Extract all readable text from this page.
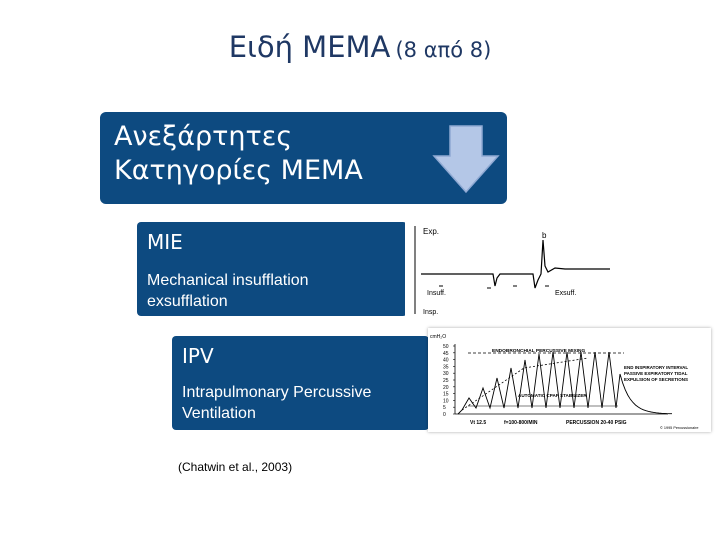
Ειδή ΜΕΜΑ (8 από 8)
Ανεξάρτητες
Κατηγορίες ΜΕΜΑ
MIE
Mechanical insufflation
exsufflation
Exp.	b
Insuff.	Exsuff.
Insp.
IPV
Intrapulmonary Percussive
Ventilation
cmH₂O
50
45
40
35
30
25
20
15
10
5
0
ENDOBRONCHIAL PERCUSSIVE MIXING
END INSPIRATORY INTERVAL
PASSIVE EXPIRATORY TIDAL
EXPULSION OF SECRETIONS
AUTOMATIC CPAP STABILIZER
Vt 12.5	f=100-800/MIN	PERCUSSION 20-40 PSIG
© 1995 Percussionaire
(Chatwin et al., 2003)
